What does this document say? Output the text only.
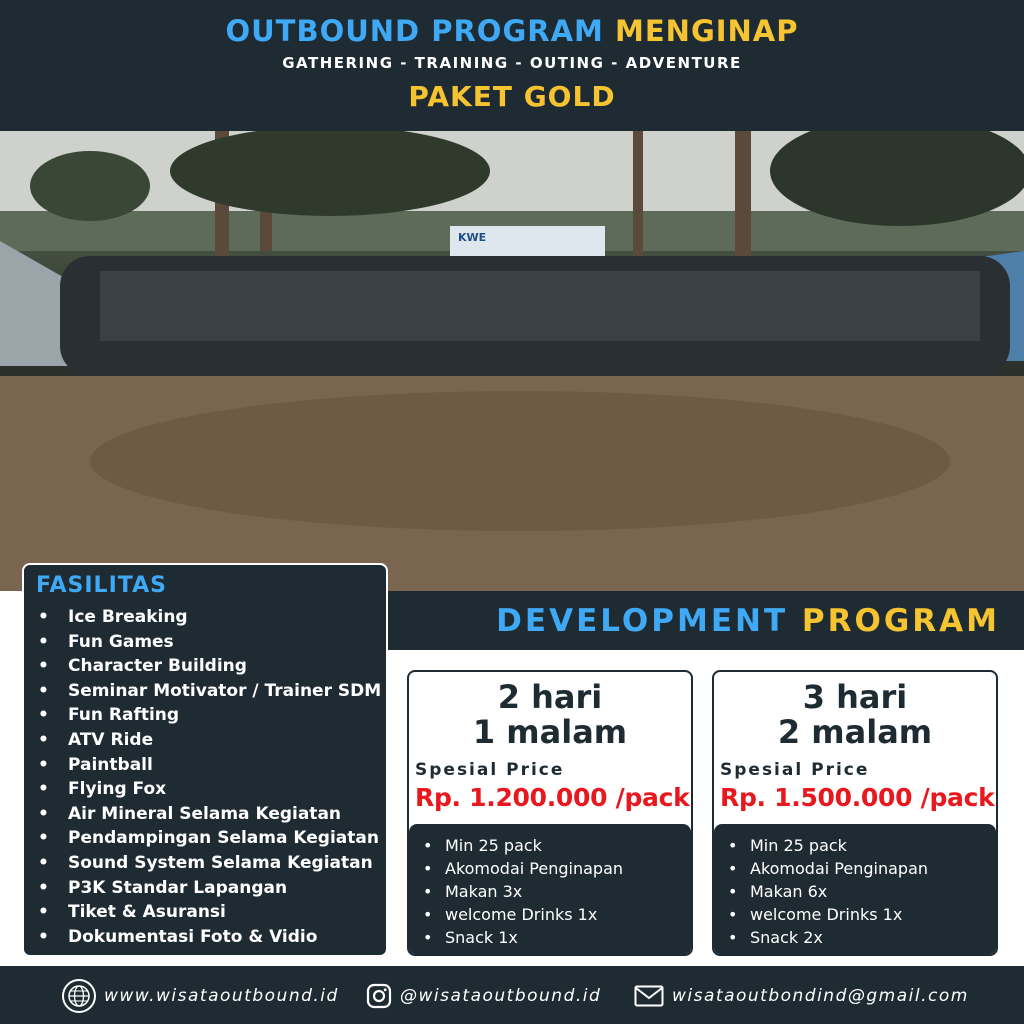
OUTBOUND PROGRAM MENGINAP
GATHERING - TRAINING - OUTING - ADVENTURE
PAKET GOLD
KWE
DEVELOPMENT PROGRAM
FASILITAS
• Ice Breaking
• Fun Games
• Character Building
• Seminar Motivator / Trainer SDM
• Fun Rafting
• ATV Ride
• Paintball
• Flying Fox
• Air Mineral Selama Kegiatan
• Pendampingan Selama Kegiatan
• Sound System Selama Kegiatan
• P3K Standar Lapangan
• Tiket & Asuransi
• Dokumentasi Foto & Vidio
2 hari
1 malam
Spesial Price
Rp. 1.200.000 /pack
• Min 25 pack
• Akomodai Penginapan
• Makan 3x
• welcome Drinks 1x
• Snack 1x
3 hari
2 malam
Spesial Price
Rp. 1.500.000 /pack
• Min 25 pack
• Akomodai Penginapan
• Makan 6x
• welcome Drinks 1x
• Snack 2x
www.wisataoutbound.id	@wisataoutbound.id	wisataoutbondind@gmail.com
